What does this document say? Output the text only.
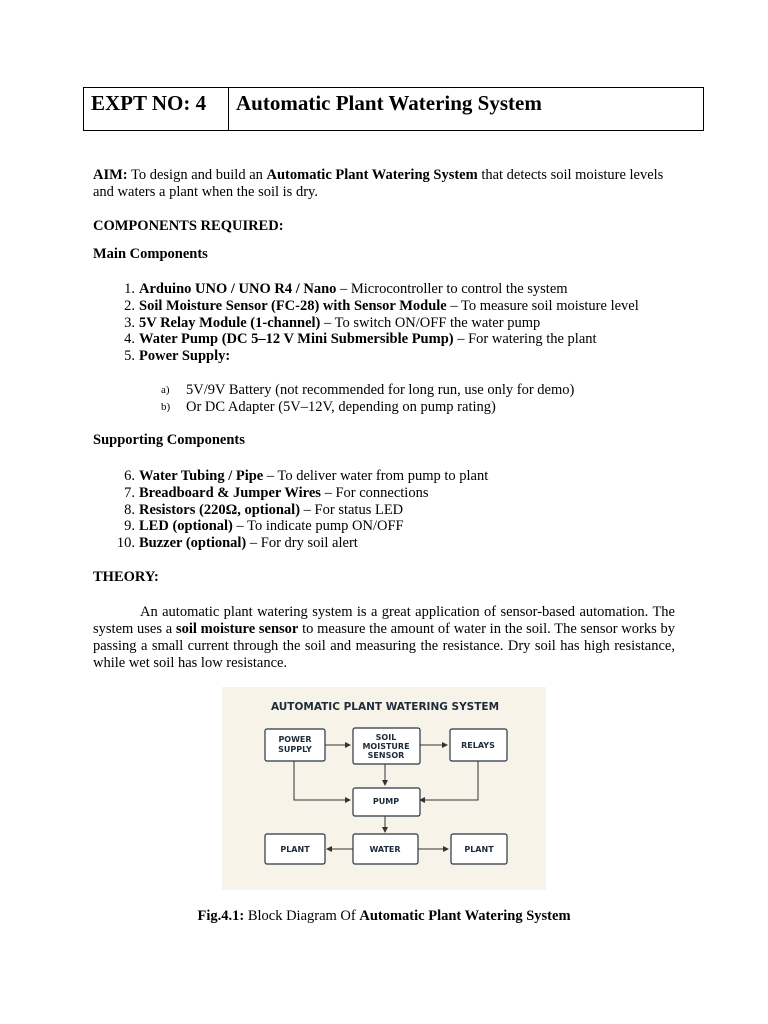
EXPT NO: 4	Automatic Plant Watering System
AIM: To design and build an Automatic Plant Watering System that detects soil moisture levels and waters a plant when the soil is dry.
COMPONENTS REQUIRED:
Main Components
1. Arduino UNO / UNO R4 / Nano – Microcontroller to control the system
2. Soil Moisture Sensor (FC-28) with Sensor Module – To measure soil moisture level
3. 5V Relay Module (1-channel) – To switch ON/OFF the water pump
4. Water Pump (DC 5–12 V Mini Submersible Pump) – For watering the plant
5. Power Supply:
a) 5V/9V Battery (not recommended for long run, use only for demo)
b) Or DC Adapter (5V–12V, depending on pump rating)
Supporting Components
6. Water Tubing / Pipe – To deliver water from pump to plant
7. Breadboard & Jumper Wires – For connections
8. Resistors (220Ω, optional) – For status LED
9. LED (optional) – To indicate pump ON/OFF
10. Buzzer (optional) – For dry soil alert
THEORY:
An automatic plant watering system is a great application of sensor-based automation. The system uses a soil moisture sensor to measure the amount of water in the soil. The sensor works by passing a small current through the soil and measuring the resistance. Dry soil has high resistance, while wet soil has low resistance.
AUTOMATIC PLANT WATERING SYSTEM
POWER
SUPPLY
SOIL
MOISTURE
SENSOR
RELAYS
PUMP
PLANT	WATER	PLANT
Fig.4.1: Block Diagram Of Automatic Plant Watering System
